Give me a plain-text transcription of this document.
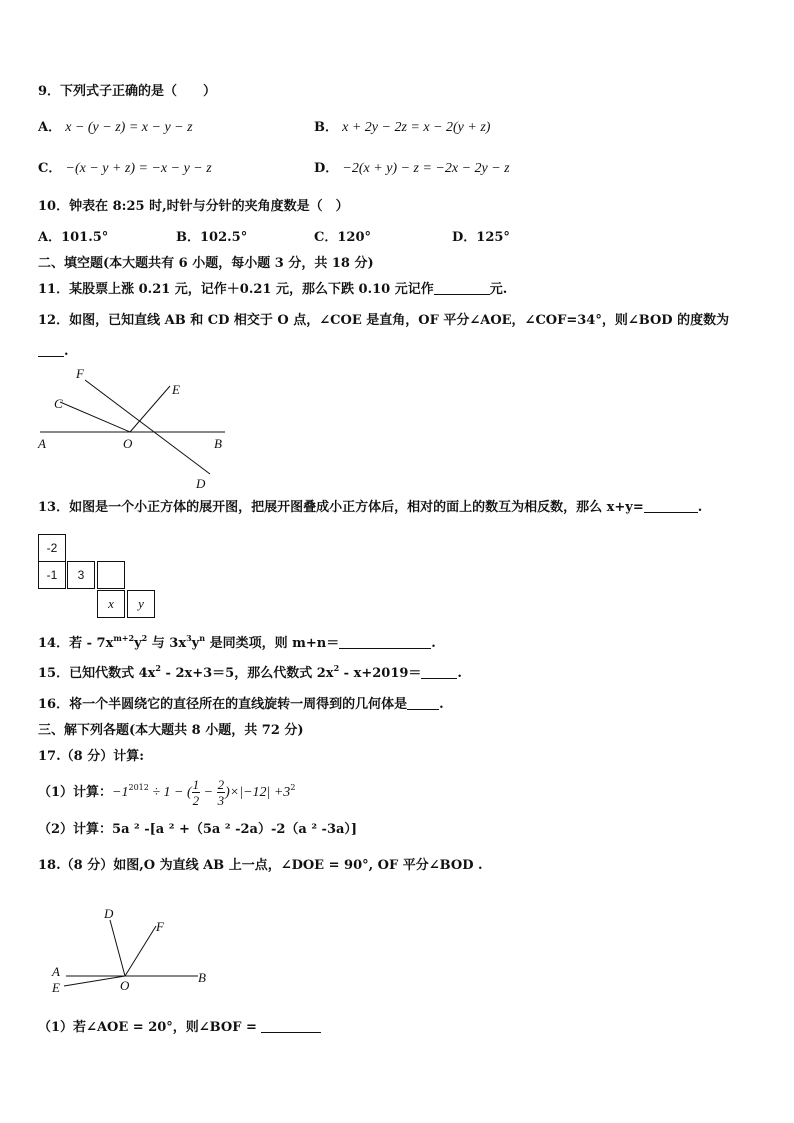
9．下列式子正确的是（　　）
A． x − (y − z) = x − y − z	B． x + 2y − 2z = x − 2(y + z)
C． −(x − y + z) = −x − y − z	D． −2(x + y) − z = −2x − 2y − z
10．钟表在 8:25 时,时针与分针的夹角度数是（　）
A．101.5°	B．102.5°	C．120°	D．125°
二、填空题(本大题共有 6 小题，每小题 3 分，共 18 分)
11．某股票上涨 0.21 元，记作＋0.21 元，那么下跌 0.10 元记作	元.
12．如图，已知直线 AB 和 CD 相交于 O 点，∠COE 是直角，OF 平分∠AOE，∠COF=34°，则∠BOD 的度数为
.
F
C
E
A	O	B
D
13．如图是一个小正方体的展开图，把展开图叠成小正方体后，相对的面上的数互为相反数，那么 x+y=	.
-2
-1	3
x	y
14．若 - $7x^{m+2}y^2$ 与 $3x^3y^n$ 是同类项，则 m+n＝	.
15．已知代数式 $4x^2 - 2x+3=5$，那么代数式 $2x^2 - x+2019=$	.
16．将一个半圆绕它的直径所在的直线旋转一周得到的几何体是 .
三、解下列各题(本大题共 8 小题，共 72 分)
17.（8 分）计算:
（1）计算：$-1^{2012} \div 1$ − ( $\frac{1}{2} - \frac{2}{3} )\times|-12| +3^2$
（2）计算：5a ² -[a ² +（5a ² -2a）-2（a ² -3a）]
18.（8 分）如图,O 为直线 AB 上一点，∠DOE = 90°, OF 平分∠BOD .
D
F
A
E	O
B
（1）若∠AOE = 20°，则∠BOF =
